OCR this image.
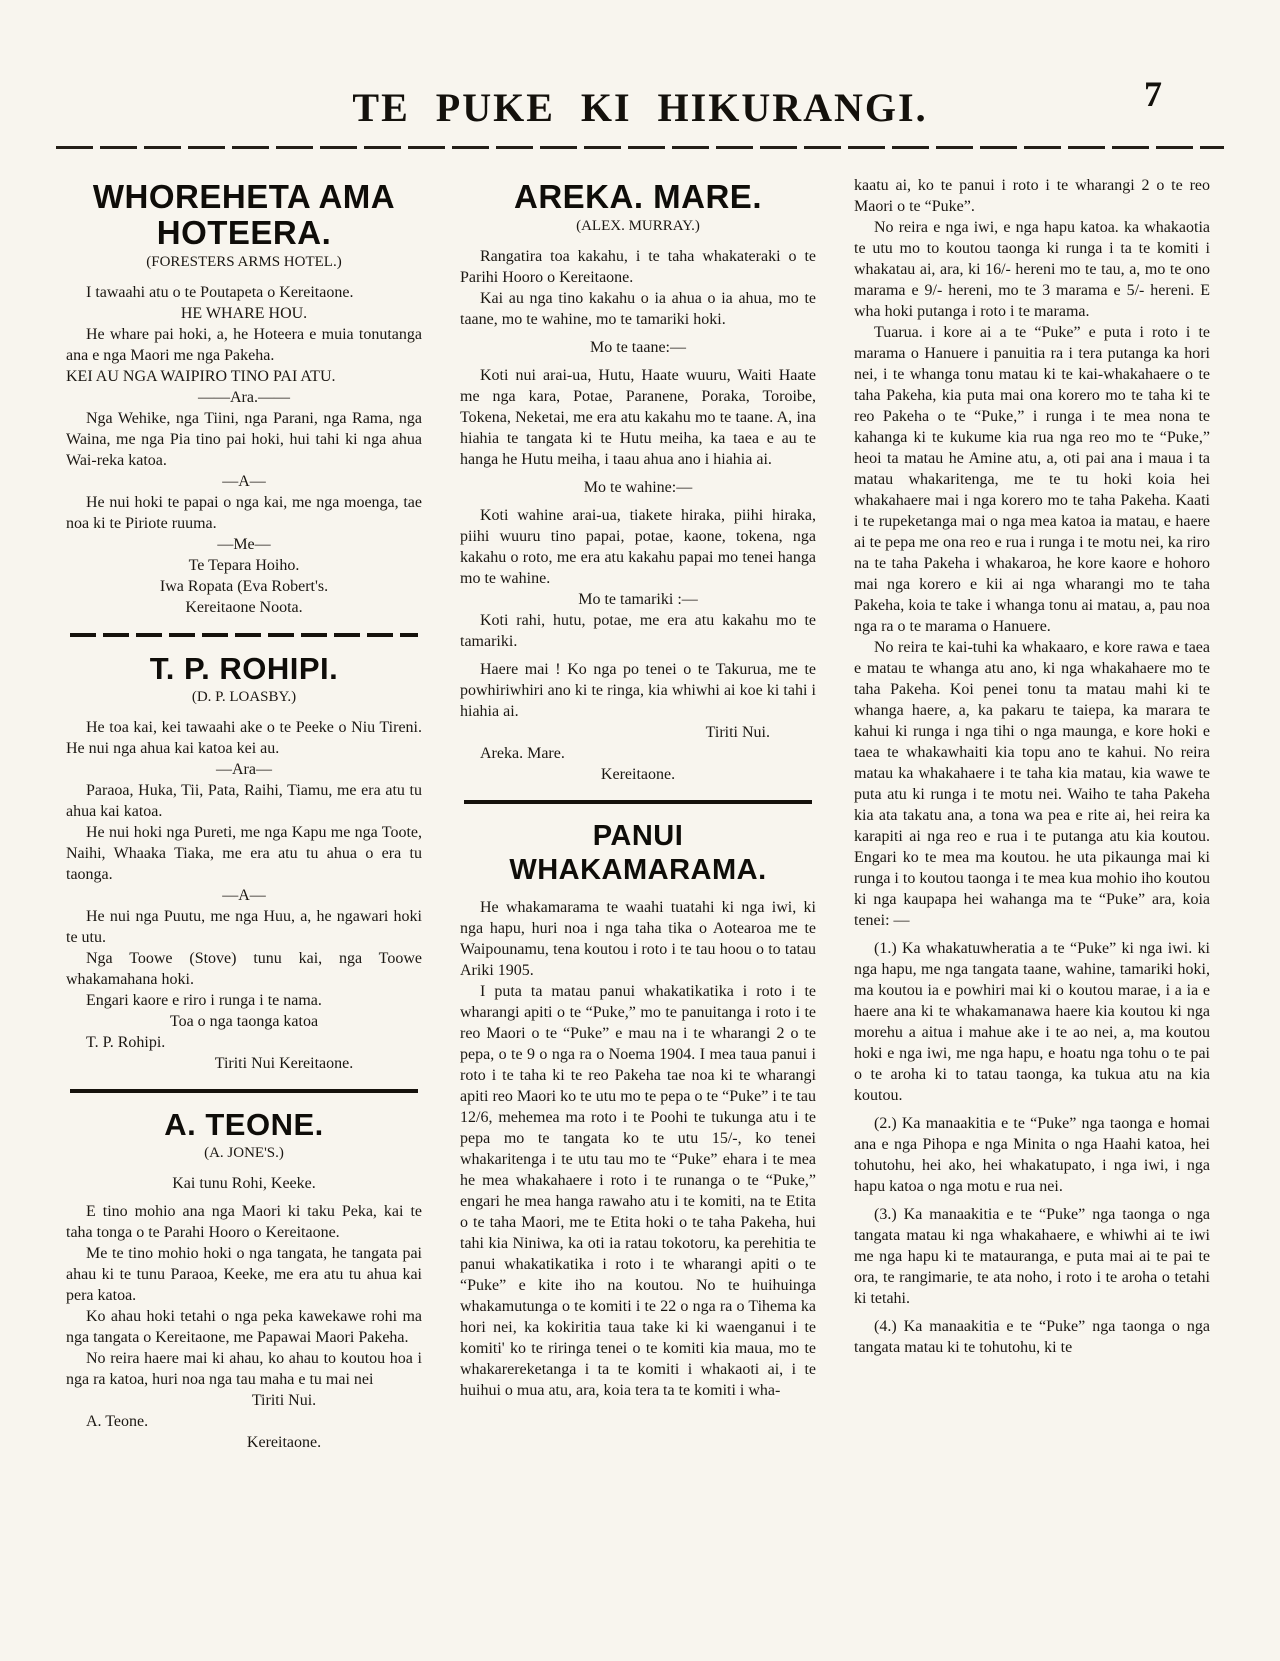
TE PUKE KI HIKURANGI.	7
WHOREHETA AMA
HOTEERA.
(FORESTERS ARMS HOTEL.)

I tawaahi atu o te Poutapeta o Kereitaone.

HE WHARE HOU.

He whare pai hoki, a, he Hoteera e muia tonutanga ana e nga Maori me nga Pakeha.

KEI AU NGA WAIPIRO TINO PAI ATU.

——Ara.——

Nga Wehike, nga Tiini, nga Parani, nga Rama, nga Waina, me nga Pia tino pai hoki, hui tahi ki nga ahua Wai-reka katoa.

—A—

He nui hoki te papai o nga kai, me nga moenga, tae noa ki te Piriote ruuma.

—Me—

Te Tepara Hoiho.

Iwa Ropata (Eva Robert's.

Kereitaone Noota.

T. P. ROHIPI.
(D. P. LOASBY.)

He toa kai, kei tawaahi ake o te Peeke o Niu Tireni. He nui nga ahua kai katoa kei au.

—Ara—

Paraoa, Huka, Tii, Pata, Raihi, Tiamu, me era atu tu ahua kai katoa.

He nui hoki nga Pureti, me nga Kapu me nga Toote, Naihi, Whaaka Tiaka, me era atu tu ahua o era tu taonga.

—A—

He nui nga Puutu, me nga Huu, a, he ngawari hoki te utu.

Nga Toowe (Stove) tunu kai, nga Toowe whakamahana hoki.

Engari kaore e riro i runga i te nama.

Toa o nga taonga katoa

T. P. Rohipi.

Tiriti Nui Kereitaone.

A. TEONE.
(A. JONE'S.)

Kai tunu Rohi, Keeke.

E tino mohio ana nga Maori ki taku Peka, kai te taha tonga o te Parahi Hooro o Kereitaone.

Me te tino mohio hoki o nga tangata, he tangata pai ahau ki te tunu Paraoa, Keeke, me era atu tu ahua kai pera katoa.

Ko ahau hoki tetahi o nga peka kawekawe rohi ma nga tangata o Kereitaone, me Papawai Maori Pakeha.

No reira haere mai ki ahau, ko ahau to koutou hoa i nga ra katoa, huri noa nga tau maha e tu mai nei

Tiriti Nui.

A. Teone.

Kereitaone.

AREKA. MARE.
(ALEX. MURRAY.)

Rangatira toa kakahu, i te taha whakateraki o te Parihi Hooro o Kereitaone.

Kai au nga tino kakahu o ia ahua o ia ahua, mo te taane, mo te wahine, mo te tamariki hoki.

Mo te taane:—

Koti nui arai-ua, Hutu, Haate wuuru, Waiti Haate me nga kara, Potae, Paranene, Poraka, Toroibe, Tokena, Neketai, me era atu kakahu mo te taane. A, ina hiahia te tangata ki te Hutu meiha, ka taea e au te hanga he Hutu meiha, i taau ahua ano i hiahia ai.

Mo te wahine:—

Koti wahine arai-ua, tiakete hiraka, piihi hiraka, piihi wuuru tino papai, potae, kaone, tokena, nga kakahu o roto, me era atu kakahu papai mo tenei hanga mo te wahine.

Mo te tamariki :—

Koti rahi, hutu, potae, me era atu kakahu mo te tamariki.

Haere mai ! Ko nga po tenei o te Takurua, me te powhiriwhiri ano ki te ringa, kia whiwhi ai koe ki tahi i hiahia ai.

Tiriti Nui.

Areka. Mare.

Kereitaone.

PANUI WHAKAMARAMA.

He whakamarama te waahi tuatahi ki nga iwi, ki nga hapu, huri noa i nga taha tika o Aotearoa me te Waipounamu, tena koutou i roto i te tau hoou o to tatau Ariki 1905.

I puta ta matau panui whakatikatika i roto i te wharangi apiti o te “Puke,” mo te panuitanga i roto i te reo Maori o te “Puke” e mau na i te wharangi 2 o te pepa, o te 9 o nga ra o Noema 1904. I mea taua panui i roto i te taha ki te reo Pakeha tae noa ki te wharangi apiti reo Maori ko te utu mo te pepa o te “Puke” i te tau 12/6, mehemea ma roto i te Poohi te tukunga atu i te pepa mo te tangata ko te utu 15/-, ko tenei whakaritenga i te utu tau mo te “Puke” ehara i te mea he mea whakahaere i roto i te runanga o te “Puke,” engari he mea hanga rawaho atu i te komiti, na te Etita o te taha Maori, me te Etita hoki o te taha Pakeha, hui tahi kia Niniwa, ka oti ia ratau tokotoru, ka perehitia te panui whakatikatika i roto i te wharangi apiti o te “Puke” e kite iho na koutou. No te huihuinga whakamutunga o te komiti i te 22 o nga ra o Tihema ka hori nei, ka kokiritia taua take ki ki waenganui i te komiti' ko te riringa tenei o te komiti kia maua, mo te whakarereketanga i ta te komiti i whakaoti ai, i te huihui o mua atu, ara, koia tera ta te komiti i wha-

kaatu ai, ko te panui i roto i te wharangi 2 o te reo Maori o te “Puke”.

No reira e nga iwi, e nga hapu katoa. ka whakaotia te utu mo to koutou taonga ki runga i ta te komiti i whakatau ai, ara, ki 16/- hereni mo te tau, a, mo te ono marama e 9/- hereni, mo te 3 marama e 5/- hereni. E wha hoki putanga i roto i te marama.

Tuarua. i kore ai a te “Puke” e puta i roto i te marama o Hanuere i panuitia ra i tera putanga ka hori nei, i te whanga tonu matau ki te kai-whakahaere o te taha Pakeha, kia puta mai ona korero mo te taha ki te reo Pakeha o te “Puke,” i runga i te mea nona te kahanga ki te kukume kia rua nga reo mo te “Puke,” heoi ta matau he Amine atu, a, oti pai ana i maua i ta matau whakaritenga, me te tu hoki koia hei whakahaere mai i nga korero mo te taha Pakeha. Kaati i te rupeketanga mai o nga mea katoa ia matau, e haere ai te pepa me ona reo e rua i runga i te motu nei, ka riro na te taha Pakeha i whakaroa, he kore kaore e hohoro mai nga korero e kii ai nga wharangi mo te taha Pakeha, koia te take i whanga tonu ai matau, a, pau noa nga ra o te marama o Hanuere.

No reira te kai-tuhi ka whakaaro, e kore rawa e taea e matau te whanga atu ano, ki nga whakahaere mo te taha Pakeha. Koi penei tonu ta matau mahi ki te whanga haere, a, ka pakaru te taiepa, ka marara te kahui ki runga i nga tihi o nga maunga, e kore hoki e taea te whakawhaiti kia topu ano te kahui. No reira matau ka whakahaere i te taha kia matau, kia wawe te puta atu ki runga i te motu nei. Waiho te taha Pakeha kia ata takatu ana, a tona wa pea e rite ai, hei reira ka karapiti ai nga reo e rua i te putanga atu kia koutou. Engari ko te mea ma koutou. he uta pikaunga mai ki runga i to koutou taonga i te mea kua mohio iho koutou ki nga kaupapa hei wahanga ma te “Puke” ara, koia tenei: —

(1.) Ka whakatuwheratia a te “Puke” ki nga iwi. ki nga hapu, me nga tangata taane, wahine, tamariki hoki, ma koutou ia e powhiri mai ki o koutou marae, i a ia e haere ana ki te whakamanawa haere kia koutou ki nga morehu a aitua i mahue ake i te ao nei, a, ma koutou hoki e nga iwi, me nga hapu, e hoatu nga tohu o te pai o te aroha ki to tatau taonga, ka tukua atu na kia koutou.

(2.) Ka manaakitia e te “Puke” nga taonga e homai ana e nga Pihopa e nga Minita o nga Haahi katoa, hei tohutohu, hei ako, hei whakatupato, i nga iwi, i nga hapu katoa o nga motu e rua nei.

(3.) Ka manaakitia e te “Puke” nga taonga o nga tangata matau ki nga whakahaere, e whiwhi ai te iwi me nga hapu ki te matauranga, e puta mai ai te pai te ora, te rangimarie, te ata noho, i roto i te aroha o tetahi ki tetahi.

(4.) Ka manaakitia e te “Puke” nga taonga o nga tangata matau ki te tohutohu, ki te
